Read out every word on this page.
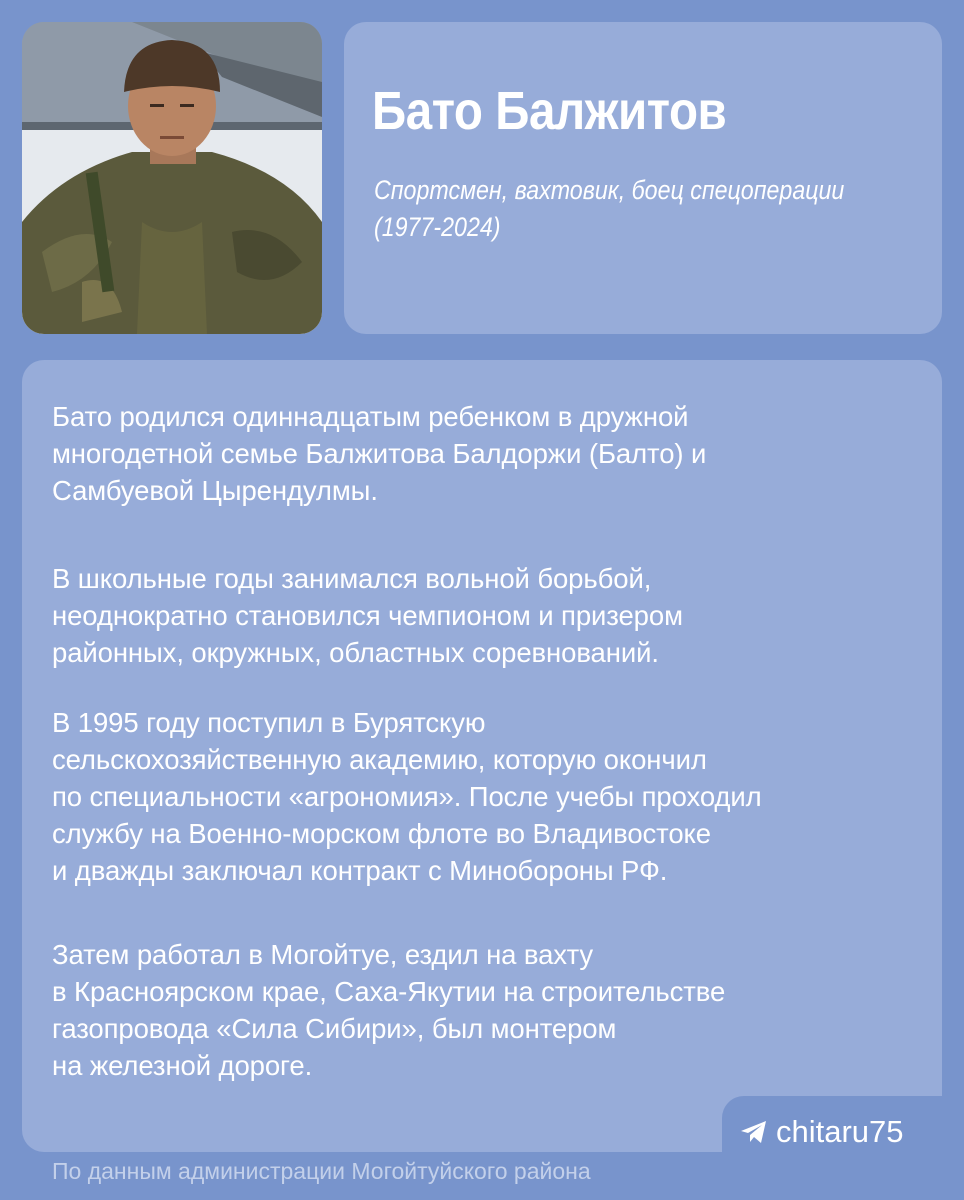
Бато Балжитов
Спортсмен, вахтовик, боец спецоперации
(1977-2024)
Бато родился одиннадцатым ребенком в дружной
многодетной семье Балжитова Балдоржи (Балто) и
Самбуевой Цырендулмы.
В школьные годы занимался вольной борьбой,
неоднократно становился чемпионом и призером
районных, окружных, областных соревнований.
В 1995 году поступил в Бурятскую
сельскохозяйственную академию, которую окончил
по специальности «агрономия». После учебы проходил
службу на Военно-морском флоте во Владивостоке
и дважды заключал контракт с Минобороны РФ.
Затем работал в Могойтуе, ездил на вахту
в Красноярском крае, Саха-Якутии на строительстве
газопровода «Сила Сибири», был монтером
на железной дороге.
chitaru75
По данным администрации Могойтуйского района
